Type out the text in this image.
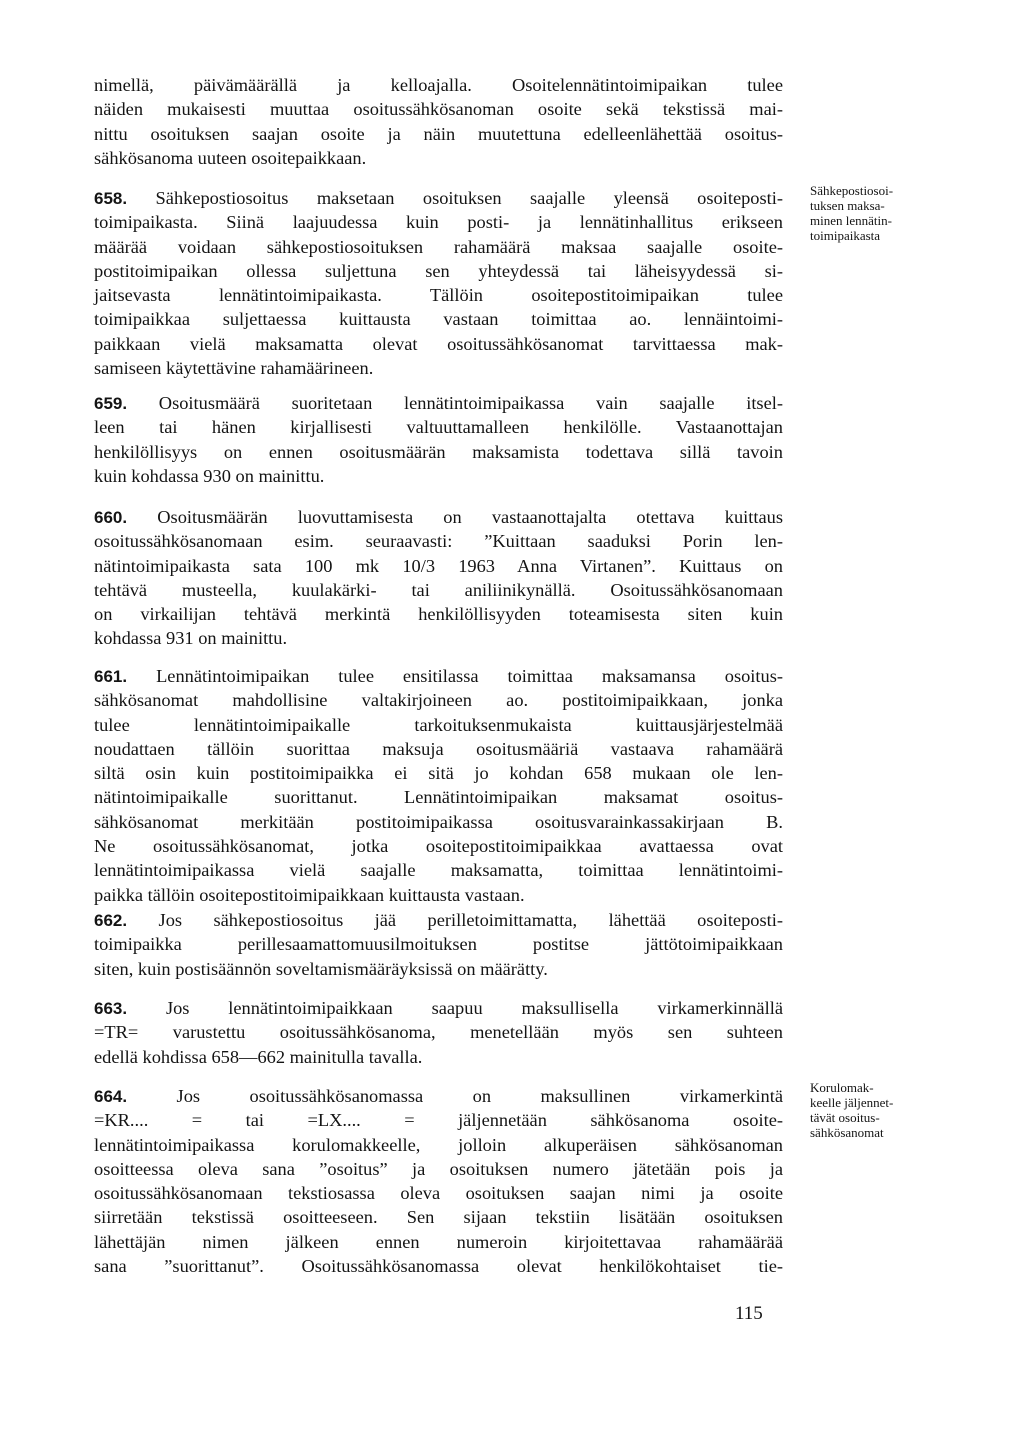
nimellä, päivämäärällä ja kelloajalla. Osoitelennätintoimipaikan tulee
näiden mukaisesti muuttaa osoitussähkösanoman osoite sekä tekstissä mai-
nittu osoituksen saajan osoite ja näin muutettuna edelleenlähettää osoitus-
sähkösanoma uuteen osoitepaikkaan.
658. Sähkepostiosoitus maksetaan osoituksen saajalle yleensä osoiteposti-
toimipaikasta. Siinä laajuudessa kuin posti- ja lennätinhallitus erikseen
määrää voidaan sähkepostiosoituksen rahamäärä maksaa saajalle osoite-
postitoimipaikan ollessa suljettuna sen yhteydessä tai läheisyydessä si-
jaitsevasta lennätintoimipaikasta. Tällöin osoitepostitoimipaikan tulee
toimipaikkaa suljettaessa kuittausta vastaan toimittaa ao. lennäintoimi-
paikkaan vielä maksamatta olevat osoitussähkösanomat tarvittaessa mak-
samiseen käytettävine rahamäärineen.
659. Osoitusmäärä suoritetaan lennätintoimipaikassa vain saajalle itsel-
leen tai hänen kirjallisesti valtuuttamalleen henkilölle. Vastaanottajan
henkilöllisyys on ennen osoitusmäärän maksamista todettava sillä tavoin
kuin kohdassa 930 on mainittu.
660. Osoitusmäärän luovuttamisesta on vastaanottajalta otettava kuittaus
osoitussähkösanomaan esim. seuraavasti: ”Kuittaan saaduksi Porin len-
nätintoimipaikasta sata 100 mk 10/3 1963 Anna Virtanen”. Kuittaus on
tehtävä musteella, kuulakärki- tai aniliinikynällä. Osoitussähkösanomaan
on virkailijan tehtävä merkintä henkilöllisyyden toteamisesta siten kuin
kohdassa 931 on mainittu.
661. Lennätintoimipaikan tulee ensitilassa toimittaa maksamansa osoitus-
sähkösanomat mahdollisine valtakirjoineen ao. postitoimipaikkaan, jonka
tulee lennätintoimipaikalle tarkoituksenmukaista kuittausjärjestelmää
noudattaen tällöin suorittaa maksuja osoitusmääriä vastaava rahamäärä
siltä osin kuin postitoimipaikka ei sitä jo kohdan 658 mukaan ole len-
nätintoimipaikalle suorittanut. Lennätintoimipaikan maksamat osoitus-
sähkösanomat merkitään postitoimipaikassa osoitusvarainkassakirjaan B.
Ne osoitussähkösanomat, jotka osoitepostitoimipaikkaa avattaessa ovat
lennätintoimipaikassa vielä saajalle maksamatta, toimittaa lennätintoimi-
paikka tällöin osoitepostitoimipaikkaan kuittausta vastaan.
662. Jos sähkepostiosoitus jää perilletoimittamatta, lähettää osoiteposti-
toimipaikka perillesaamattomuusilmoituksen postitse jättötoimipaikkaan
siten, kuin postisäännön soveltamismääräyksissä on määrätty.
663. Jos lennätintoimipaikkaan saapuu maksullisella virkamerkinnällä
=TR= varustettu osoitussähkösanoma, menetellään myös sen suhteen
edellä kohdissa 658—662 mainitulla tavalla.
664.	Jos osoitussähkösanomassa on maksullinen virkamerkintä
=KR.... = tai =LX.... = jäljennetään sähkösanoma osoite-
lennätintoimipaikassa korulomakkeelle, jolloin alkuperäisen sähkösanoman
osoitteessa oleva sana ”osoitus” ja osoituksen numero jätetään pois ja
osoitussähkösanomaan tekstiosassa oleva osoituksen saajan nimi ja osoite
siirretään tekstissä osoitteeseen. Sen sijaan tekstiin lisätään osoituksen
lähettäjän nimen jälkeen ennen numeroin kirjoitettavaa rahamäärää
sana ”suorittanut”. Osoitussähkösanomassa olevat henkilökohtaiset tie-
Sähkepostiosoi-
tuksen maksa-
minen lennätin-
toimipaikasta
Korulomak-
keelle jäljennet-
tävät osoitus-
sähkösanomat
115
